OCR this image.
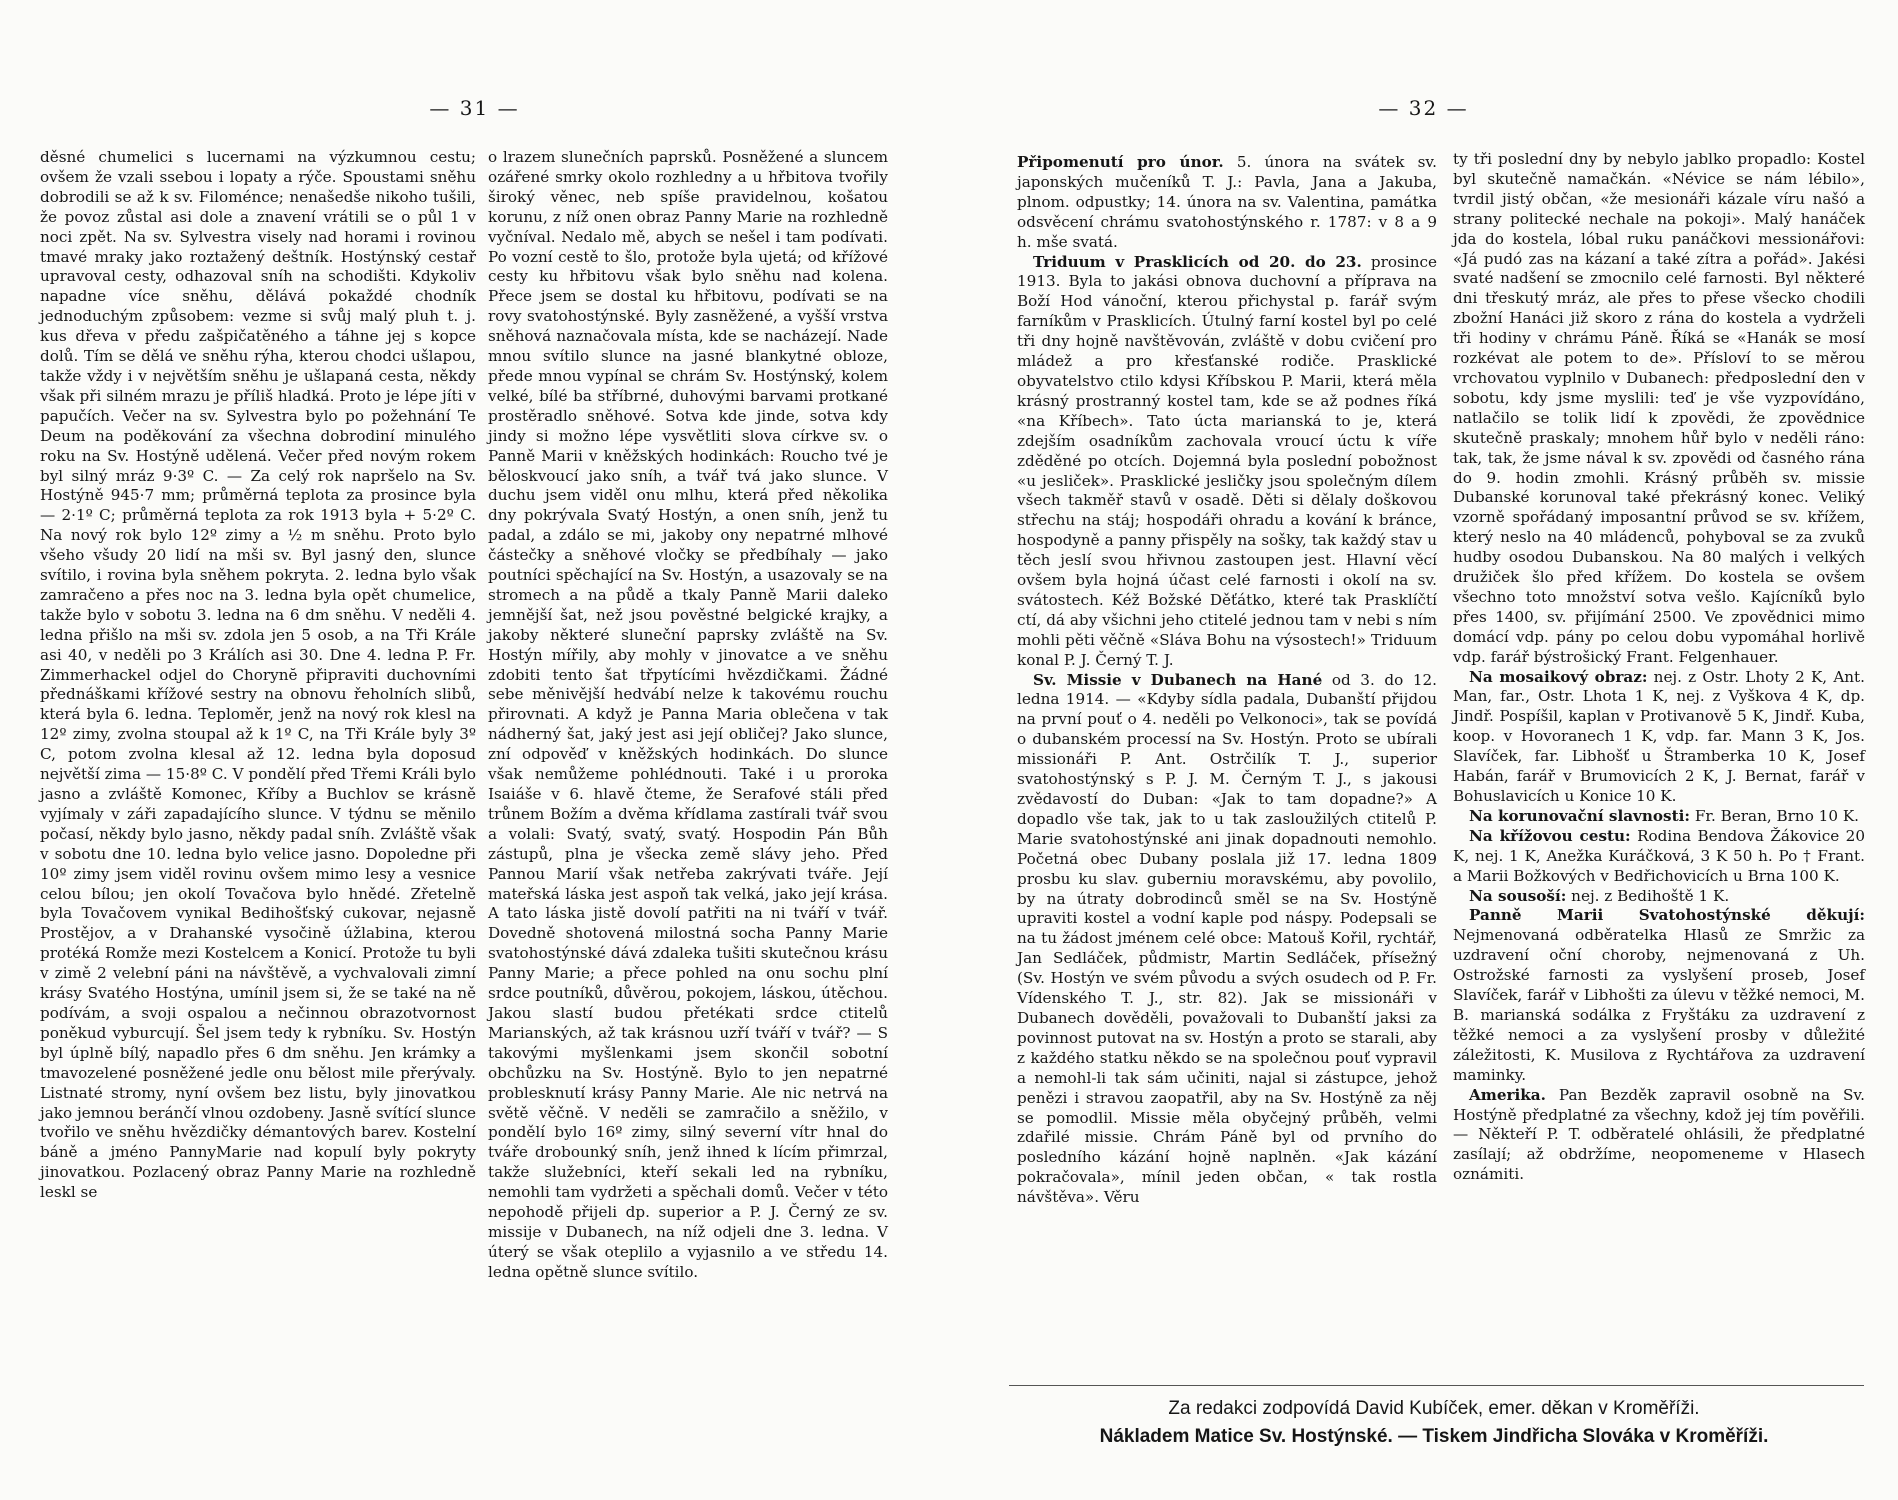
— 31 —

děsné chumelici s lucernami na výzkumnou cestu; ovšem že vzali ssebou i lopaty a rýče. Spoustami sněhu dobrodili se až k sv. Filoménce; nenašedše nikoho tušili, že povoz zůstal asi dole a znavení vrátili se o půl 1 v noci zpět. Na sv. Sylvestra visely nad horami i rovinou tmavé mraky jako roztažený deštník. Hostýnský cestař upravoval cesty, odhazoval sníh na schodišti. Kdykoliv napadne více sněhu, dělává pokaždé chodník jednoduchým způsobem: vezme si svůj malý pluh t. j. kus dřeva v předu zašpičatěného a táhne jej s kopce dolů. Tím se dělá ve sněhu rýha, kterou chodci ušlapou, takže vždy i v největším sněhu je ušlapaná cesta, někdy však při silném mrazu je příliš hladká. Proto je lépe jíti v papučích. Večer na sv. Sylvestra bylo po požehnání Te Deum na poděkování za všechna dobrodiní minulého roku na Sv. Hostýně udělená. Večer před novým rokem byl silný mráz 9·3º C. — Za celý rok napršelo na Sv. Hostýně 945·7 mm; průměrná teplota za prosince byla — 2·1º C; průměrná teplota za rok 1913 byla + 5·2º C. Na nový rok bylo 12º zimy a ½ m sněhu. Proto bylo všeho všudy 20 lidí na mši sv. Byl jasný den, slunce svítilo, i rovina byla sněhem pokryta. 2. ledna bylo však zamračeno a přes noc na 3. ledna byla opět chumelice, takže bylo v sobotu 3. ledna na 6 dm sněhu. V neděli 4. ledna přišlo na mši sv. zdola jen 5 osob, a na Tři Krále asi 40, v neděli po 3 Králích asi 30. Dne 4. ledna P. Fr. Zimmerhackel odjel do Chorynĕ připraviti duchovními přednáškami křížové sestry na obnovu řeholních slibů, která byla 6. ledna. Teploměr, jenž na nový rok klesl na 12º zimy, zvolna stoupal až k 1º C, na Tři Krále byly 3º C, potom zvolna klesal až 12. ledna byla doposud největší zima — 15·8º C. V pondělí před Třemi Králi bylo jasno a zvláště Komonec, Kříby a Buchlov se krásně vyjímaly v záři zapadajícího slunce. V týdnu se měnilo počasí, někdy bylo jasno, někdy padal sníh. Zvláště však v sobotu dne 10. ledna bylo velice jasno. Dopoledne při 10º zimy jsem viděl rovinu ovšem mimo lesy a vesnice celou bílou; jen okolí Tovačova bylo hnědé. Zřetelně byla Tovačovem vynikal Bedihošťský cukovar, nejasně Prostějov, a v Drahanské vysočině úžlabina, kterou protéká Romže mezi Kostelcem a Konicí. Protože tu byli v zimě 2 velební páni na návštěvě, a vychvalovali zimní krásy Svatého Hostýna, umínil jsem si, že se také na ně podívám, a svoji ospalou a nečinnou obrazotvornost poněkud vyburcují. Šel jsem tedy k rybníku. Sv. Hostýn byl úplně bílý, napadlo přes 6 dm sněhu. Jen krámky a tmavozelené posněžené jedle onu bělost mile přerývaly. Listnaté stromy, nyní ovšem bez listu, byly jinovatkou jako jemnou beránčí vlnou ozdobeny. Jasně svítící slunce tvořilo ve sněhu hvězdičky démantových barev. Kostelní báně a jméno PannyMarie nad kopulí byly pokryty jinovatkou. Pozlacený obraz Panny Marie na rozhledně leskl se

o lrazem slunečních paprsků. Posněžené a sluncem ozářené smrky okolo rozhledny a u hřbitova tvořily široký věnec, neb spíše pravidelnou, košatou korunu, z níž onen obraz Panny Marie na rozhledně vyčníval. Nedalo mě, abych se nešel i tam podívati. Po vozní cestě to šlo, protože byla ujetá; od křížové cesty ku hřbitovu však bylo sněhu nad kolena. Přece jsem se dostal ku hřbitovu, podívati se na rovy svatohostýnské. Byly zasněžené, a vyšší vrstva sněhová naznačovala místa, kde se nacházejí. Nade mnou svítilo slunce na jasné blankytné obloze, přede mnou vypínal se chrám Sv. Hostýnský, kolem velké, bílé ba stříbrné, duhovými barvami protkané prostěradlo sněhové. Sotva kde jinde, sotva kdy jindy si možno lépe vysvětliti slova církve sv. o Panně Marii v kněžských hodinkách: Roucho tvé je běloskvoucí jako sníh, a tvář tvá jako slunce. V duchu jsem viděl onu mlhu, která před několika dny pokrývala Svatý Hostýn, a onen sníh, jenž tu padal, a zdálo se mi, jakoby ony nepatrné mlhové částečky a sněhové vločky se předbíhaly — jako poutníci spěchající na Sv. Hostýn, a usazovaly se na stromech a na půdě a tkaly Panně Marii daleko jemnější šat, než jsou pověstné belgické krajky, a jakoby některé sluneční paprsky zvláště na Sv. Hostýn mířily, aby mohly v jinovatce a ve sněhu zdobiti tento šat třpytícími hvězdičkami. Žádné sebe měnivější hedvábí nelze k takovému rouchu přirovnati. A když je Panna Maria oblečena v tak nádherný šat, jaký jest asi její obličej? Jako slunce, zní odpověď v kněžských hodinkách. Do slunce však nemůžeme pohlédnouti. Také i u proroka Isaiáše v 6. hlavě čteme, že Serafové stáli před trůnem Božím a dvěma křídlama zastírali tvář svou a volali: Svatý, svatý, svatý. Hospodin Pán Bůh zástupů, plna je všecka země slávy jeho. Před Pannou Marií však netřeba zakrývati tváře. Její mateřská láska jest aspoň tak velká, jako její krása. A tato láska jistě dovolí patřiti na ni tváří v tvář. Dovedně shotovená milostná socha Panny Marie svatohostýnské dává zdaleka tušiti skutečnou krásu Panny Marie; a přece pohled na onu sochu plní srdce poutníků, důvěrou, pokojem, láskou, útěchou. Jakou slastí budou přetékati srdce ctitelů Marianských, až tak krásnou uzří tváří v tvář? — S takovými myšlenkami jsem skončil sobotní obchůzku na Sv. Hostýně. Bylo to jen nepatrné problesknutí krásy Panny Marie. Ale nic netrvá na světě věčně. V neděli se zamračilo a sněžilo, v pondělí bylo 16º zimy, silný severní vítr hnal do tváře drobounký sníh, jenž ihned k lícím přimrzal, takže služebníci, kteří sekali led na rybníku, nemohli tam vydržeti a spěchali domů. Večer v této nepohodě přijeli dp. superior a P. J. Černý ze sv. missije v Dubanech, na níž odjeli dne 3. ledna. V úterý se však oteplilo a vyjasnilo a ve středu 14. ledna opětně slunce svítilo.

— 32 —

Připomenutí pro únor. 5. února na svátek sv. japonských mučeníků T. J.: Pavla, Jana a Jakuba, plnom. odpustky; 14. února na sv. Valentina, památka odsvěcení chrámu svatohostýnského r. 1787: v 8 a 9 h. mše svatá.

Triduum v Prasklicích od 20. do 23. prosince 1913. Byla to jakási obnova duchovní a příprava na Boží Hod vánoční, kterou přichystal p. farář svým farníkům v Prasklicích. Útulný farní kostel byl po celé tři dny hojně navštěvován, zvláště v dobu cvičení pro mládež a pro křesťanské rodiče. Prasklické obyvatelstvo ctilo kdysi Kříbskou P. Marii, která měla krásný prostranný kostel tam, kde se až podnes říká «na Kříbech». Tato úcta marianská to je, která zdejším osadníkům zachovala vroucí úctu k víře zděděné po otcích. Dojemná byla poslední pobožnost «u jesliček». Prasklické jesličky jsou společným dílem všech takměř stavů v osadě. Děti si dělaly doškovou střechu na stáj; hospodáři ohradu a kování k bránce, hospodyně a panny přispěly na sošky, tak každý stav u těch jeslí svou hřivnou zastoupen jest. Hlavní věcí ovšem byla hojná účast celé farnosti i okolí na sv. svátostech. Kéž Božské Děťátko, které tak Prasklíčtí ctí, dá aby všichni jeho ctitelé jednou tam v nebi s ním mohli pěti věčně «Sláva Bohu na výsostech!» Triduum konal P. J. Černý T. J.

Sv. Missie v Dubanech na Hané od 3. do 12. ledna 1914. — «Kdyby sídla padala, Dubanští přijdou na první pouť o 4. neděli po Velkonoci», tak se povídá o dubanském processí na Sv. Hostýn. Proto se ubírali missionáři P. Ant. Ostrčilík T. J., superior svatohostýnský s P. J. M. Černým T. J., s jakousi zvědavostí do Duban: «Jak to tam dopadne?» A dopadlo vše tak, jak to u tak zasloužilých ctitelů P. Marie svatohostýnské ani jinak dopadnouti nemohlo. Početná obec Dubany poslala již 17. ledna 1809 prosbu ku slav. guberniu moravskému, aby povolilo, by na útraty dobrodinců směl se na Sv. Hostýně upraviti kostel a vodní kaple pod náspy. Podepsali se na tu žádost jménem celé obce: Matouš Kořil, rychtář, Jan Sedláček, půdmistr, Martin Sedláček, přísežný (Sv. Hostýn ve svém původu a svých osudech od P. Fr. Vídenského T. J., str. 82). Jak se missionáři v Dubanech dověděli, považovali to Dubanští jaksi za povinnost putovat na sv. Hostýn a proto se starali, aby z každého statku někdo se na společnou pouť vypravil a nemohl-li tak sám učiniti, najal si zástupce, jehož penězi i stravou zaopatřil, aby na Sv. Hostýně za něj se pomodlil. Missie měla obyčejný průběh, velmi zdařilé missie. Chrám Páně byl od prvního do posledního kázání hojně naplněn. «Jak kázání pokračovala», mínil jeden občan, « tak rostla návštěva». Věru

ty tři poslední dny by nebylo jablko propadlo: Kostel byl skutečně namačkán. «Névice se nám lébilo», tvrdil jistý občan, «že mesionáři kázale víru našó a strany politecké nechale na pokoji». Malý hanáček jda do kostela, lóbal ruku panáčkovi messionářovi: «Já pudó zas na kázaní a také zítra a pořád». Jakési svaté nadšení se zmocnilo celé farnosti. Byl některé dni třeskutý mráz, ale přes to přese všecko chodili zbožní Hanáci již skoro z rána do kostela a vydrželi tři hodiny v chrámu Páně. Říká se «Hanák se mosí rozkévat ale potem to de». Přísloví to se měrou vrchovatou vyplnilo v Dubanech: předposlední den v sobotu, kdy jsme myslili: teď je vše vyzpovídáno, natlačilo se tolik lidí k zpovědi, že zpovědnice skutečně praskaly; mnohem hůř bylo v neděli ráno: tak, tak, že jsme nával k sv. zpovědi od časného rána do 9. hodin zmohli. Krásný průběh sv. missie Dubanské korunoval také překrásný konec. Veliký vzorně spořádaný imposantní průvod se sv. křížem, který neslo na 40 mládenců, pohyboval se za zvuků hudby osodou Dubanskou. Na 80 malých i velkých družiček šlo před křížem. Do kostela se ovšem všechno toto množství sotva vešlo. Kajícníků bylo přes 1400, sv. přijímání 2500. Ve zpovědnici mimo domácí vdp. pány po celou dobu vypomáhal horlivě vdp. farář býstrošický Frant. Felgenhauer.

Na mosaikový obraz: nej. z Ostr. Lhoty 2 K, Ant. Man, far., Ostr. Lhota 1 K, nej. z Vyškova 4 K, dp. Jindř. Pospíšil, kaplan v Protivanově 5 K, Jindř. Kuba, koop. v Hovoranech 1 K, vdp. far. Mann 3 K, Jos. Slavíček, far. Libhošť u Štramberka 10 K, Josef Habán, farář v Brumovicích 2 K, J. Bernat, farář v Bohuslavicích u Konice 10 K.

Na korunovační slavnosti: Fr. Beran, Brno 10 K.

Na křížovou cestu: Rodina Bendova Žákovice 20 K, nej. 1 K, Anežka Kuráčková, 3 K 50 h. Po † Frant. a Marii Božkových v Bedřichovicích u Brna 100 K.

Na sousoší: nej. z Bedihoště 1 K.

Panně Marii Svatohostýnské děkují: Nejmenovaná odběratelka Hlasů ze Smržic za uzdravení oční choroby, nejmenovaná z Uh. Ostrožské farnosti za vyslyšení proseb, Josef Slavíček, farář v Libhošti za úlevu v těžké nemoci, M. B. marianská sodálka z Fryštáku za uzdravení z těžké nemoci a za vyslyšení prosby v důležité záležitosti, K. Musilova z Rychtářova za uzdravení maminky.

Amerika. Pan Bezděk zapravil osobně na Sv. Hostýně předplatné za všechny, kdož jej tím pověřili. — Někteří P. T. odběratelé ohlásili, že předplatné zasílají; až obdržíme, neopomeneme v Hlasech oznámiti.

Za redakci zodpovídá David Kubíček, emer. děkan v Kroměříži.
Nákladem Matice Sv. Hostýnské. — Tiskem Jindřicha Slováka v Kroměříži.
